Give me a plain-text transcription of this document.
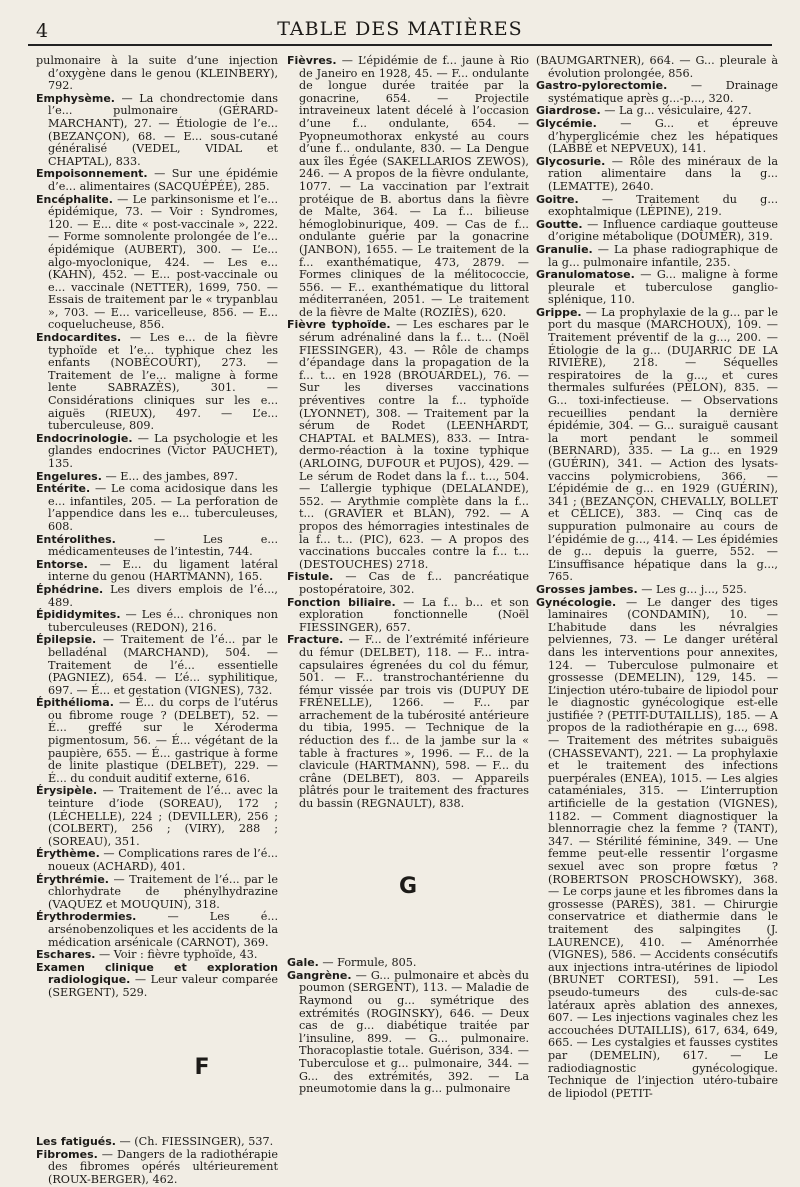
4	TABLE DES MATIÈRES

pulmonaire à la suite d’une injection d’oxygène dans le genou (KLEINBERY), 792.

Emphysème. — La chondrectomie dans l’e... pulmonaire (GÉRARD-MARCHANT), 27. — Étiologie de l’e... (BEZANÇON), 68. — E... sous-cutané généralisé (VEDEL, VIDAL et CHAPTAL), 833.

Empoisonnement. — Sur une épidémie d’e... alimentaires (SACQUÉPÉE), 285.

Encéphalite. — Le parkinsonisme et l’e... épidémique, 73. — Voir : Syndromes, 120. — E... dite « post-vaccinale », 222. — Forme somnolente prolongée de l’e... épidémique (AUBERT), 300. — L’e... algo-myoclonique, 424. — Les e... (KAHN), 452. — E... post-vaccinale ou e... vaccinale (NETTER), 1699, 750. — Essais de traitement par le « trypanblau », 703. — E... varicelleuse, 856. — E... coquelucheuse, 856.

Endocardites. — Les e... de la fièvre typhoïde et l’e... typhique chez les enfants (NOBÉCOURT), 273. — Traitement de l’e... maligne à forme lente SABRAZÈS), 301. — Considérations cliniques sur les e... aiguës (RIEUX), 497. — L’e... tuberculeuse, 809.

Endocrinologie. — La psychologie et les glandes endocrines (Victor PAUCHET), 135.

Engelures. — E... des jambes, 897.

Entérite. — Le coma acidosique dans les e... infantiles, 205. — La perforation de l’appendice dans les e... tuberculeuses, 608.

Entérolithes. — Les e... médicamenteuses de l’intestin, 744.

Entorse. — E... du ligament latéral interne du genou (HARTMANN), 165.

Éphédrine. Les divers emplois de l’é..., 489.

Épididymites. — Les é... chroniques non tuberculeuses (REDON), 216.

Épilepsie. — Traitement de l’é... par le belladénal (MARCHAND), 504. — Traitement de l’é... essentielle (PAGNIEZ), 654. — L’é... syphilitique, 697. — É... et gestation (VIGNES), 732.

Épithélioma. — É... du corps de l’utérus ou fibrome rouge ? (DELBET), 52. — É... greffé sur le Xéroderma pigmentosum, 56. — É... végétant de la paupière, 655. — É... gastrique à forme de linite plastique (DELBET), 229. — É... du conduit auditif externe, 616.

Érysipèle. — Traitement de l’é... avec la teinture d’iode (SOREAU), 172 ; (LÉCHELLE), 224 ; (DEVILLER), 256 ; (COLBERT), 256 ; (VIRY), 288 ; (SOREAU), 351.

Érythème. — Complications rares de l’é... noueux (ACHARD), 401.

Érythrémie. — Traitement de l’é... par le chlorhydrate de phénylhydrazine (VAQUEZ et MOUQUIN), 318.

Érythrodermies. — Les é... arsénobenzoliques et les accidents de la médication arsénicale (CARNOT), 369.

Eschares. — Voir : fièvre typhoïde, 43.

Examen clinique et exploration radiologique. — Leur valeur comparée (SERGENT), 529.

F

Les fatigués. — (Ch. FIESSINGER), 537.

Fibromes. — Dangers de la radiothérapie des fibromes opérés ultérieurement (ROUX-BERGER), 462.

Fièvres. — L’épidémie de f... jaune à Rio de Janeiro en 1928, 45. — F... ondulante de longue durée traitée par la gonacrine, 654. — Projectile intraveineux latent décelé à l’occasion d’une f... ondulante, 654. — Pyopneumothorax enkysté au cours d’une f... ondulante, 830. — La Dengue aux îles Égée (SAKELLARIOS ZEWOS), 246. — A propos de la fièvre ondulante, 1077. — La vaccination par l’extrait protéique de B. abortus dans la fièvre de Malte, 364. — La f... bilieuse hémoglobinurique, 409. — Cas de f... ondulante guérie par la gonacrine (JANBON), 1655. — Le traitement de la f... exanthématique, 473, 2879. — Formes cliniques de la mélitococcie, 556. — F... exanthématique du littoral méditerranéen, 2051. — Le traitement de la fièvre de Malte (ROZIÈS), 620.

Fièvre typhoïde. — Les eschares par le sérum adrénaliné dans la f... t... (Noël FIESSINGER), 43. — Rôle de champs d’épandage dans la propagation de la f... t... en 1928 (BROUARDEL), 76. — Sur les diverses vaccinations préventives contre la f... typhoïde (LYONNET), 308. — Traitement par la sérum de Rodet (LEENHARDT, CHAPTAL et BALMES), 833. — Intra-dermo-réaction à la toxine typhique (ARLOING, DUFOUR et PUJOS), 429. — Le sérum de Rodet dans la f... t..., 504. — L’allergie typhique (DELALANDE), 552. — Arythmie complète dans la f... t... (GRAVIER et BLAN), 792. — A propos des hémorragies intestinales de la f... t... (PIC), 623. — A propos des vaccinations buccales contre la f... t... (DESTOUCHES) 2718.

Fistule. — Cas de f... pancréatique postopératoire, 302.

Fonction biliaire. — La f... b... et son exploration fonctionnelle (Noël FIESSINGER), 657.

Fracture. — F... de l’extrémité inférieure du fémur (DELBET), 118. — F... intra-capsulaires égrenées du col du fémur, 501. — F... transtrochantérienne du fémur vissée par trois vis (DUPUY DE FRÉNELLE), 1266. — F... par arrachement de la tubérosité antérieure du tibia, 1995. — Technique de la réduction des f... de la jambe sur la « table à fractures », 1996. — F... de la clavicule (HARTMANN), 598. — F... du crâne (DELBET), 803. — Appareils plâtrés pour le traitement des fractures du bassin (REGNAULT), 838.

G

Gale. — Formule, 805.

Gangrène. — G... pulmonaire et abcès du poumon (SERGENT), 113. — Maladie de Raymond ou g... symétrique des extrémités (ROGINSKY), 646. — Deux cas de g... diabétique traitée par l’insuline, 899. — G... pulmonaire. Thoracoplastie totale. Guérison, 334. — Tuberculose et g... pulmonaire, 344. — G... des extrémités, 392. — La pneumotomie dans la g... pulmonaire

(BAUMGARTNER), 664. — G... pleurale à évolution prolongée, 856.

Gastro-pylorectomie. — Drainage systématique après g...-p..., 320.

Giardrose. — La g... vésiculaire, 427.

Glycémie. — G... et épreuve d’hyperglicémie chez les hépatiques (LABBÉ et NEPVEUX), 141.

Glycosurie. — Rôle des minéraux de la ration alimentaire dans la g... (LEMATTE), 2640.

Goitre. — Traitement du g... exophtalmique (LÉPINE), 219.

Goutte. — Influence cardiaque goutteuse d’origine métabolique (DOUMER), 319.

Granulie. — La phase radiographique de la g... pulmonaire infantile, 235.

Granulomatose. — G... maligne à forme pleurale et tuberculose ganglio-splénique, 110.

Grippe. — La prophylaxie de la g... par le port du masque (MARCHOUX), 109. — Traitement préventif de la g..., 200. — Étiologie de la g... (DUJARRIC DE LA RIVIÈRE), 218. — Séquelles respiratoires de la g..., et cures thermales sulfurées (PELON), 835. — G... toxi-infectieuse. — Observations recueillies pendant la dernière épidémie, 304. — G... suraiguë causant la mort pendant le sommeil (BERNARD), 335. — La g... en 1929 (GUÉRIN), 341. — Action des lysats-vaccins polymicrobiens, 366. — L’épidémie de g... en 1929 (GUÉRIN), 341 ; (BEZANÇON, CHEVALLY, BOLLET et CÉLICE), 383. — Cinq cas de suppuration pulmonaire au cours de l’épidémie de g..., 414. — Les épidémies de g... depuis la guerre, 552. — L’insuffisance hépatique dans la g..., 765.

Grosses jambes. — Les g... j..., 525.

Gynécologie. — Le danger des tiges laminaires (CONDAMIN), 10. — L’habitude dans les névralgies pelviennes, 73. — Le danger urétéral dans les interventions pour annexites, 124. — Tuberculose pulmonaire et grossesse (DEMELIN), 129, 145. — L’injection utéro-tubaire de lipiodol pour le diagnostic gynécologique est-elle justifiée ? (PETIT-DUTAILLIS), 185. — A propos de la radiothérapie en g..., 698. — Traitement des métrites subaiguës (CHASSEVANT), 221. — La prophylaxie et le traitement des infections puerpérales (ENEA), 1015. — Les algies cataméniales, 315. — L’interruption artificielle de la gestation (VIGNES), 1182. — Comment diagnostiquer la blennorragie chez la femme ? (TANT), 347. — Stérilité féminine, 349. — Une femme peut-elle ressentir l’orgasme sexuel avec son propre fœtus ? (ROBERTSON PROSCHOWSKY), 368. — Le corps jaune et les fibromes dans la grossesse (PARÈS), 381. — Chirurgie conservatrice et diathermie dans le traitement des salpingites (J. LAURENCE), 410. — Aménorrhée (VIGNES), 586. — Accidents consécutifs aux injections intra-utérines de lipiodol (BRUNET CORTESI), 591. — Les pseudo-tumeurs des culs-de-sac latéraux après ablation des annexes, 607. — Les injections vaginales chez les accouchées DUTAILLIS), 617, 634, 649, 665. — Les cystalgies et fausses cystites par (DEMELIN), 617. — Le radiodiagnostic gynécologique. Technique de l’injection utéro-tubaire de lipiodol (PETIT-
